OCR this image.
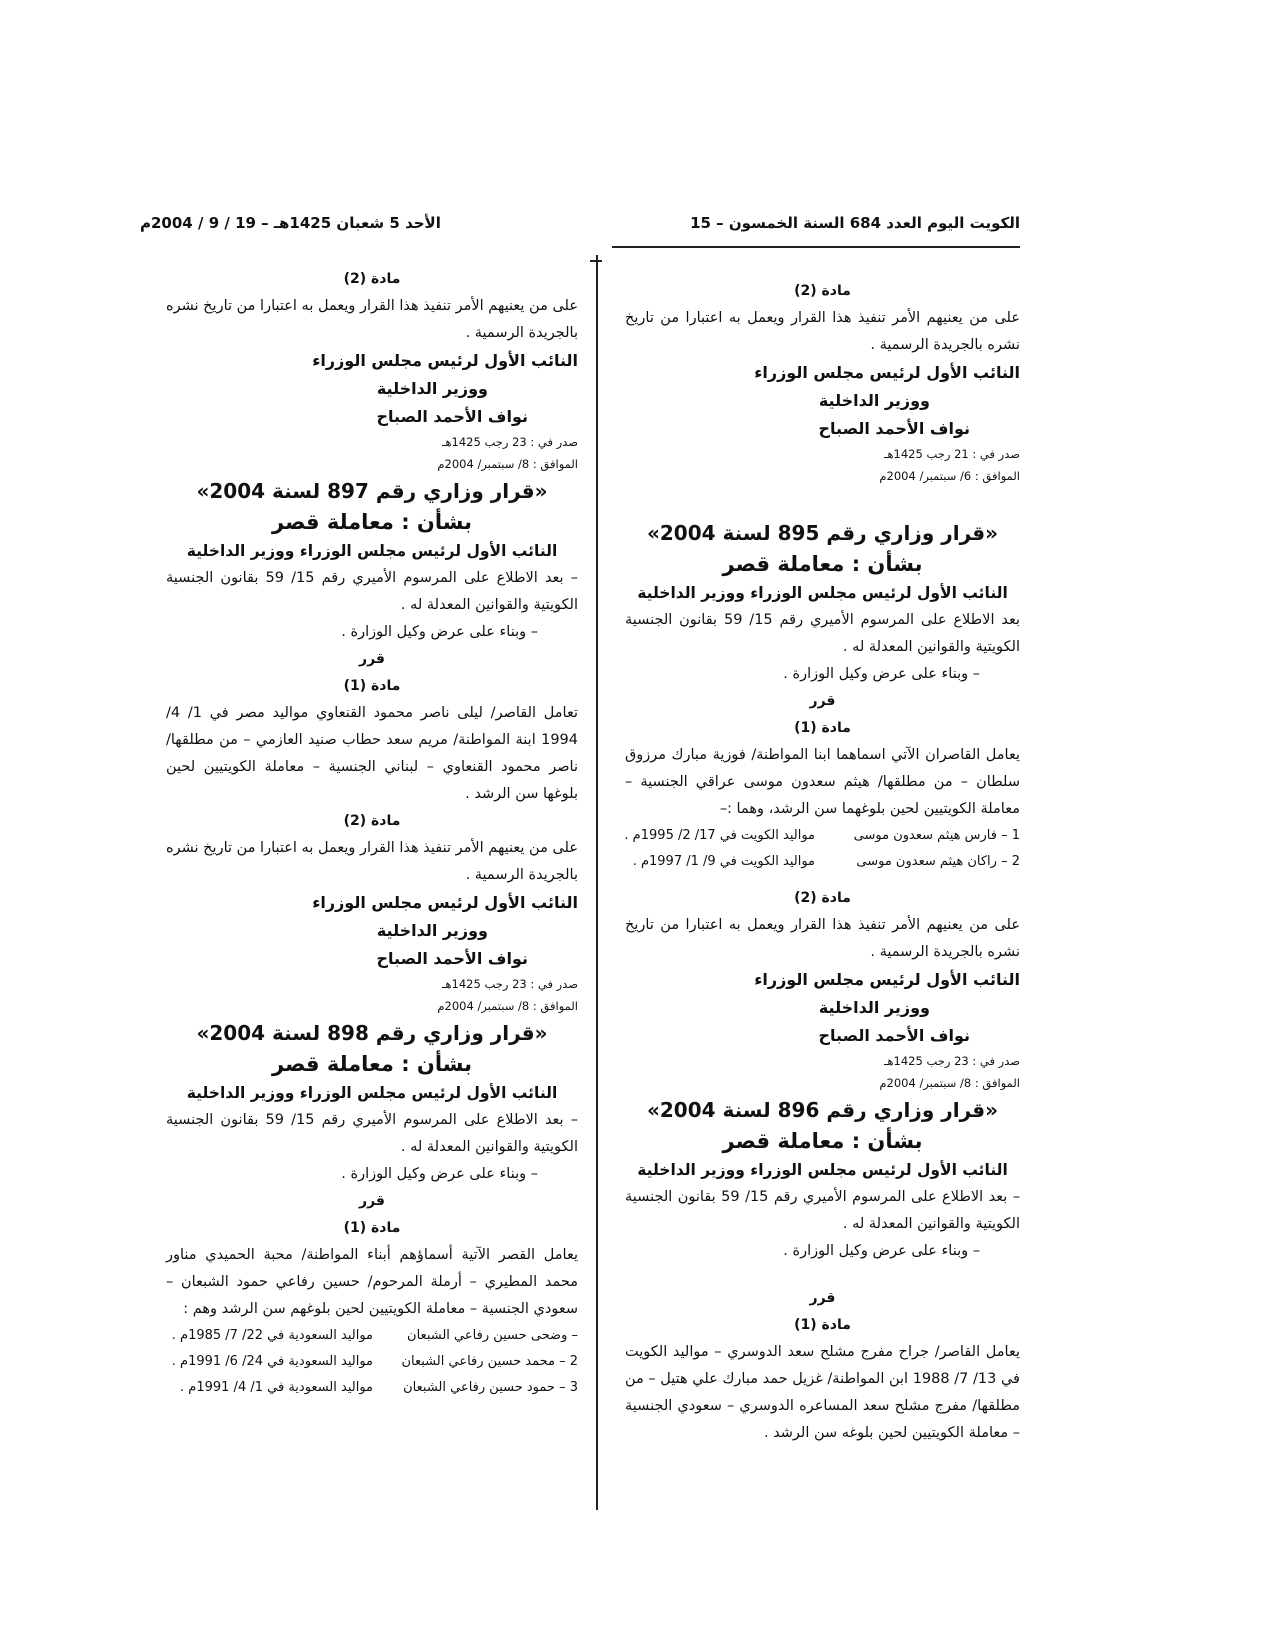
الكويت اليوم العدد 684 السنة الخمسون – 15
الأحد 5 شعبان 1425هـ – 19 / 9 / 2004م

مادة (2)

على من يعنيهم الأمر تنفيذ هذا القرار ويعمل به اعتبارا من تاريخ نشره بالجريدة الرسمية .

النائب الأول لرئيس مجلس الوزراء

ووزير الداخلية

نواف الأحمد الصباح

صدر في : 21 رجب 1425هـ

الموافق : 6/ سبتمبر/ 2004م

«قرار وزاري رقم 895 لسنة 2004»

بشأن : معاملة قصر

النائب الأول لرئيس مجلس الوزراء ووزير الداخلية

بعد الاطلاع على المرسوم الأميري رقم 15/ 59 بقانون الجنسية الكويتية والقوانين المعدلة له .

– وبناء على عرض وكيل الوزارة .

قرر

مادة (1)

يعامل القاصران الآتي اسماهما ابنا المواطنة/ فوزية مبارك مرزوق سلطان – من مطلقها/ هيثم سعدون موسى عراقي الجنسية – معاملة الكويتيين لحين بلوغهما سن الرشد، وهما :–

1 – فارس هيثم سعدون موسىمواليد الكويت في 17/ 2/ 1995م .

2 – راكان هيثم سعدون موسىمواليد الكويت في 9/ 1/ 1997م .

مادة (2)

على من يعنيهم الأمر تنفيذ هذا القرار ويعمل به اعتبارا من تاريخ نشره بالجريدة الرسمية .

النائب الأول لرئيس مجلس الوزراء

ووزير الداخلية

نواف الأحمد الصباح

صدر في : 23 رجب 1425هـ

الموافق : 8/ سبتمبر/ 2004م

«قرار وزاري رقم 896 لسنة 2004»

بشأن : معاملة قصر

النائب الأول لرئيس مجلس الوزراء ووزير الداخلية

– بعد الاطلاع على المرسوم الأميري رقم 15/ 59 بقانون الجنسية الكويتية والقوانين المعدلة له .

– وبناء على عرض وكيل الوزارة .

قرر

مادة (1)

يعامل القاصر/ جراح مفرج مشلح سعد الدوسري – مواليد الكويت في 13/ 7/ 1988 ابن المواطنة/ غزيل حمد مبارك علي هتيل – من مطلقها/ مفرج مشلح سعد المساعره الدوسري – سعودي الجنسية – معاملة الكويتيين لحين بلوغه سن الرشد .

مادة (2)

على من يعنيهم الأمر تنفيذ هذا القرار ويعمل به اعتبارا من تاريخ نشره بالجريدة الرسمية .

النائب الأول لرئيس مجلس الوزراء

ووزير الداخلية

نواف الأحمد الصباح

صدر في : 23 رجب 1425هـ

الموافق : 8/ سبتمبر/ 2004م

«قرار وزاري رقم 897 لسنة 2004»

بشأن : معاملة قصر

النائب الأول لرئيس مجلس الوزراء ووزير الداخلية

– بعد الاطلاع على المرسوم الأميري رقم 15/ 59 بقانون الجنسية الكويتية والقوانين المعدلة له .

– وبناء على عرض وكيل الوزارة .

قرر

مادة (1)

تعامل القاصر/ ليلى ناصر محمود القنعاوي مواليد مصر في 1/ 4/ 1994 ابنة المواطنة/ مريم سعد حطاب صنيد العازمي – من مطلقها/ ناصر محمود القنعاوي – لبناني الجنسية – معاملة الكويتيين لحين بلوغها سن الرشد .

مادة (2)

على من يعنيهم الأمر تنفيذ هذا القرار ويعمل به اعتبارا من تاريخ نشره بالجريدة الرسمية .

النائب الأول لرئيس مجلس الوزراء

ووزير الداخلية

نواف الأحمد الصباح

صدر في : 23 رجب 1425هـ

الموافق : 8/ سبتمبر/ 2004م

«قرار وزاري رقم 898 لسنة 2004»

بشأن : معاملة قصر

النائب الأول لرئيس مجلس الوزراء ووزير الداخلية

– بعد الاطلاع على المرسوم الأميري رقم 15/ 59 بقانون الجنسية الكويتية والقوانين المعدلة له .

– وبناء على عرض وكيل الوزارة .

قرر

مادة (1)

يعامل القصر الآتية أسماؤهم أبناء المواطنة/ محبة الحميدي مناور محمد المطيري – أرملة المرحوم/ حسين رفاعي حمود الشبعان – سعودي الجنسية – معاملة الكويتيين لحين بلوغهم سن الرشد وهم :

– وضحى حسين رفاعي الشبعانمواليد السعودية في 22/ 7/ 1985م .

2 – محمد حسين رفاعي الشبعانمواليد السعودية في 24/ 6/ 1991م .

3 – حمود حسين رفاعي الشبعانمواليد السعودية في 1/ 4/ 1991م .
